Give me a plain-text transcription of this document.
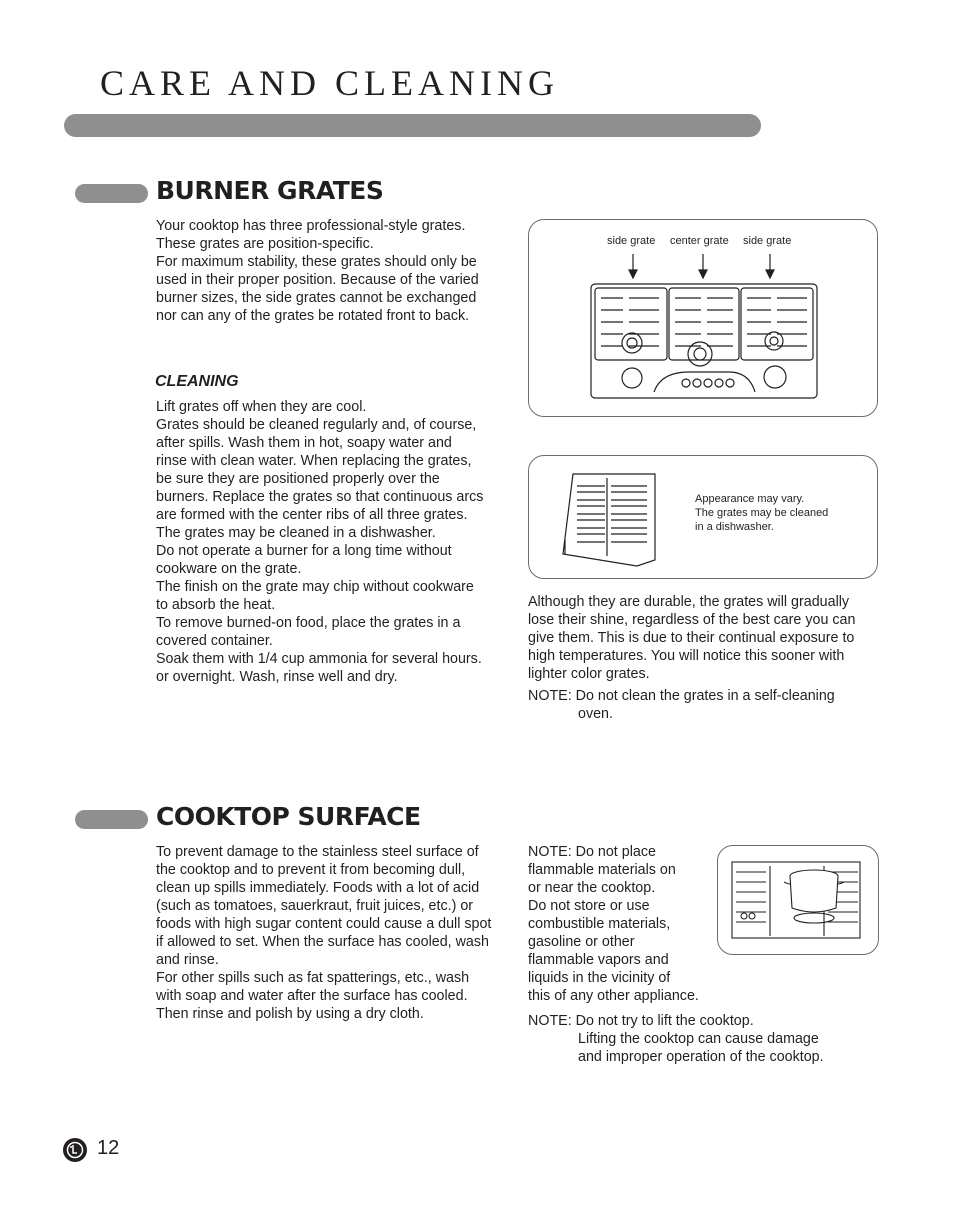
CARE AND CLEANING
BURNER GRATES
Your cooktop has three professional-style grates.
These grates are position-specific.
For maximum stability, these grates should only be
used in their proper position. Because of the varied
burner sizes, the side grates cannot be exchanged
nor can any of the grates be rotated front to back.
CLEANING
Lift grates off when they are cool.
Grates should be cleaned regularly and, of course,
after spills. Wash them in hot, soapy water and
rinse with clean water. When replacing the grates,
be sure they are positioned properly over the
burners. Replace the grates so that continuous arcs
are formed with the center ribs of all three grates.
The grates may be cleaned in a dishwasher.
Do not operate a burner for a long time without
cookware on the grate.
The finish on the grate may chip without cookware
to absorb the heat.
To remove burned-on food, place the grates in a
covered container.
Soak them with 1/4 cup ammonia for several hours.
or overnight. Wash, rinse well and dry.
side grate center grate side grate
Appearance may vary.
The grates may be cleaned
in a dishwasher.
Although they are durable, the grates will gradually
lose their shine, regardless of the best care you can
give them. This is due to their continual exposure to
high temperatures. You will notice this sooner with
lighter color grates.
NOTE: Do not clean the grates in a self-cleaning
oven.
COOKTOP SURFACE
To prevent damage to the stainless steel surface of
the cooktop and to prevent it from becoming dull,
clean up spills immediately. Foods with a lot of acid
(such as tomatoes, sauerkraut, fruit juices, etc.) or
foods with high sugar content could cause a dull spot
if allowed to set. When the surface has cooled, wash
and rinse.
For other spills such as fat spatterings, etc., wash
with soap and water after the surface has cooled.
Then rinse and polish by using a dry cloth.
NOTE: Do not place
flammable materials on
or near the cooktop.
Do not store or use
combustible materials,
gasoline or other
flammable vapors and
liquids in the vicinity of
this of any other appliance.
NOTE: Do not try to lift the cooktop.
Lifting the cooktop can cause damage
and improper operation of the cooktop.
12
